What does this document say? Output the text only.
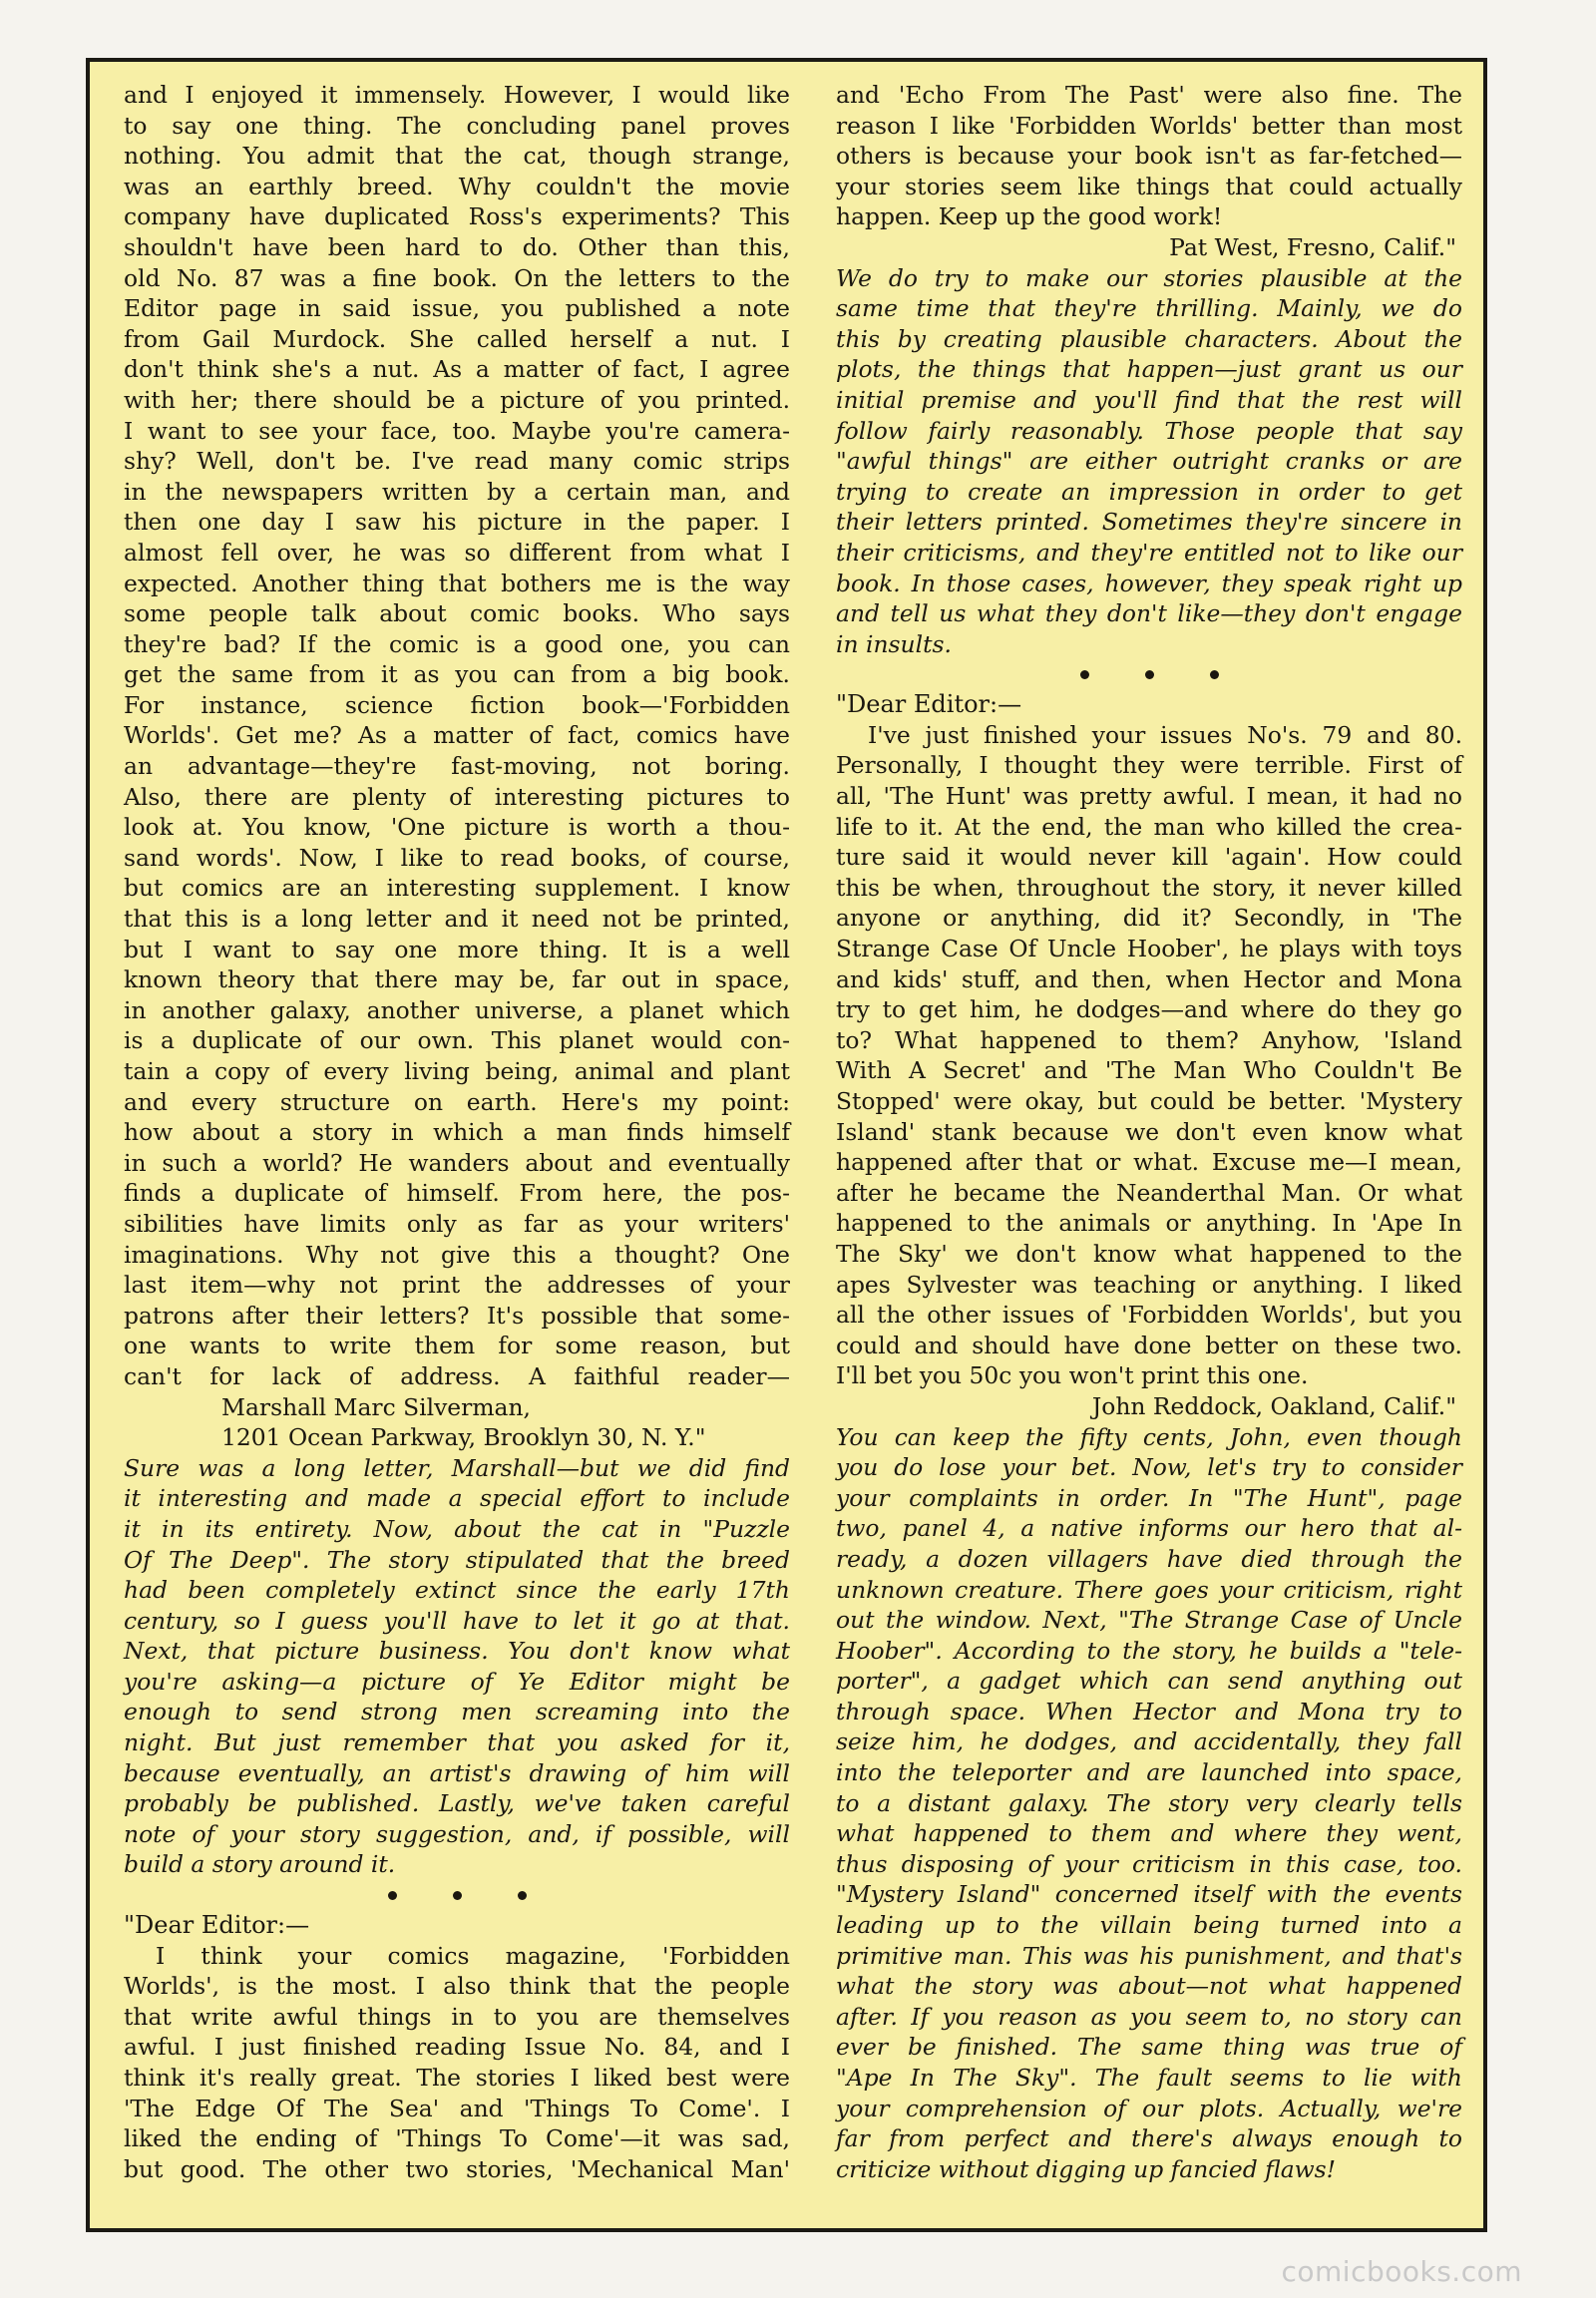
and I enjoyed it immensely. However, I would like
to say one thing. The concluding panel proves
nothing. You admit that the cat, though strange,
was an earthly breed. Why couldn't the movie
company have duplicated Ross's experiments? This
shouldn't have been hard to do. Other than this,
old No. 87 was a fine book. On the letters to the
Editor page in said issue, you published a note
from Gail Murdock. She called herself a nut. I
don't think she's a nut. As a matter of fact, I agree
with her; there should be a picture of you printed.
I want to see your face, too. Maybe you're camera-
shy? Well, don't be. I've read many comic strips
in the newspapers written by a certain man, and
then one day I saw his picture in the paper. I
almost fell over, he was so different from what I
expected. Another thing that bothers me is the way
some people talk about comic books. Who says
they're bad? If the comic is a good one, you can
get the same from it as you can from a big book.
For instance, science fiction book—'Forbidden
Worlds'. Get me? As a matter of fact, comics have
an advantage—they're fast-moving, not boring.
Also, there are plenty of interesting pictures to
look at. You know, 'One picture is worth a thou-
sand words'. Now, I like to read books, of course,
but comics are an interesting supplement. I know
that this is a long letter and it need not be printed,
but I want to say one more thing. It is a well
known theory that there may be, far out in space,
in another galaxy, another universe, a planet which
is a duplicate of our own. This planet would con-
tain a copy of every living being, animal and plant
and every structure on earth. Here's my point:
how about a story in which a man finds himself
in such a world? He wanders about and eventually
finds a duplicate of himself. From here, the pos-
sibilities have limits only as far as your writers'
imaginations. Why not give this a thought? One
last item—why not print the addresses of your
patrons after their letters? It's possible that some-
one wants to write them for some reason, but
can't for lack of address. A faithful reader—
Marshall Marc Silverman,
1201 Ocean Parkway, Brooklyn 30, N. Y."
Sure was a long letter, Marshall—but we did find
it interesting and made a special effort to include
it in its entirety. Now, about the cat in "Puzzle
Of The Deep". The story stipulated that the breed
had been completely extinct since the early 17th
century, so I guess you'll have to let it go at that.
Next, that picture business. You don't know what
you're asking—a picture of Ye Editor might be
enough to send strong men screaming into the
night. But just remember that you asked for it,
because eventually, an artist's drawing of him will
probably be published. Lastly, we've taken careful
note of your story suggestion, and, if possible, will
build a story around it.
"Dear Editor:—
I think your comics magazine, 'Forbidden
Worlds', is the most. I also think that the people
that write awful things in to you are themselves
awful. I just finished reading Issue No. 84, and I
think it's really great. The stories I liked best were
'The Edge Of The Sea' and 'Things To Come'. I
liked the ending of 'Things To Come'—it was sad,
but good. The other two stories, 'Mechanical Man'
and 'Echo From The Past' were also fine. The
reason I like 'Forbidden Worlds' better than most
others is because your book isn't as far-fetched—
your stories seem like things that could actually
happen. Keep up the good work!
Pat West, Fresno, Calif."
We do try to make our stories plausible at the
same time that they're thrilling. Mainly, we do
this by creating plausible characters. About the
plots, the things that happen—just grant us our
initial premise and you'll find that the rest will
follow fairly reasonably. Those people that say
"awful things" are either outright cranks or are
trying to create an impression in order to get
their letters printed. Sometimes they're sincere in
their criticisms, and they're entitled not to like our
book. In those cases, however, they speak right up
and tell us what they don't like—they don't engage
in insults.
"Dear Editor:—
I've just finished your issues No's. 79 and 80.
Personally, I thought they were terrible. First of
all, 'The Hunt' was pretty awful. I mean, it had no
life to it. At the end, the man who killed the crea-
ture said it would never kill 'again'. How could
this be when, throughout the story, it never killed
anyone or anything, did it? Secondly, in 'The
Strange Case Of Uncle Hoober', he plays with toys
and kids' stuff, and then, when Hector and Mona
try to get him, he dodges—and where do they go
to? What happened to them? Anyhow, 'Island
With A Secret' and 'The Man Who Couldn't Be
Stopped' were okay, but could be better. 'Mystery
Island' stank because we don't even know what
happened after that or what. Excuse me—I mean,
after he became the Neanderthal Man. Or what
happened to the animals or anything. In 'Ape In
The Sky' we don't know what happened to the
apes Sylvester was teaching or anything. I liked
all the other issues of 'Forbidden Worlds', but you
could and should have done better on these two.
I'll bet you 50c you won't print this one.
John Reddock, Oakland, Calif."
You can keep the fifty cents, John, even though
you do lose your bet. Now, let's try to consider
your complaints in order. In "The Hunt", page
two, panel 4, a native informs our hero that al-
ready, a dozen villagers have died through the
unknown creature. There goes your criticism, right
out the window. Next, "The Strange Case of Uncle
Hoober". According to the story, he builds a "tele-
porter", a gadget which can send anything out
through space. When Hector and Mona try to
seize him, he dodges, and accidentally, they fall
into the teleporter and are launched into space,
to a distant galaxy. The story very clearly tells
what happened to them and where they went,
thus disposing of your criticism in this case, too.
"Mystery Island" concerned itself with the events
leading up to the villain being turned into a
primitive man. This was his punishment, and that's
what the story was about—not what happened
after. If you reason as you seem to, no story can
ever be finished. The same thing was true of
"Ape In The Sky". The fault seems to lie with
your comprehension of our plots. Actually, we're
far from perfect and there's always enough to
criticize without digging up fancied flaws!
comicbooks.com
